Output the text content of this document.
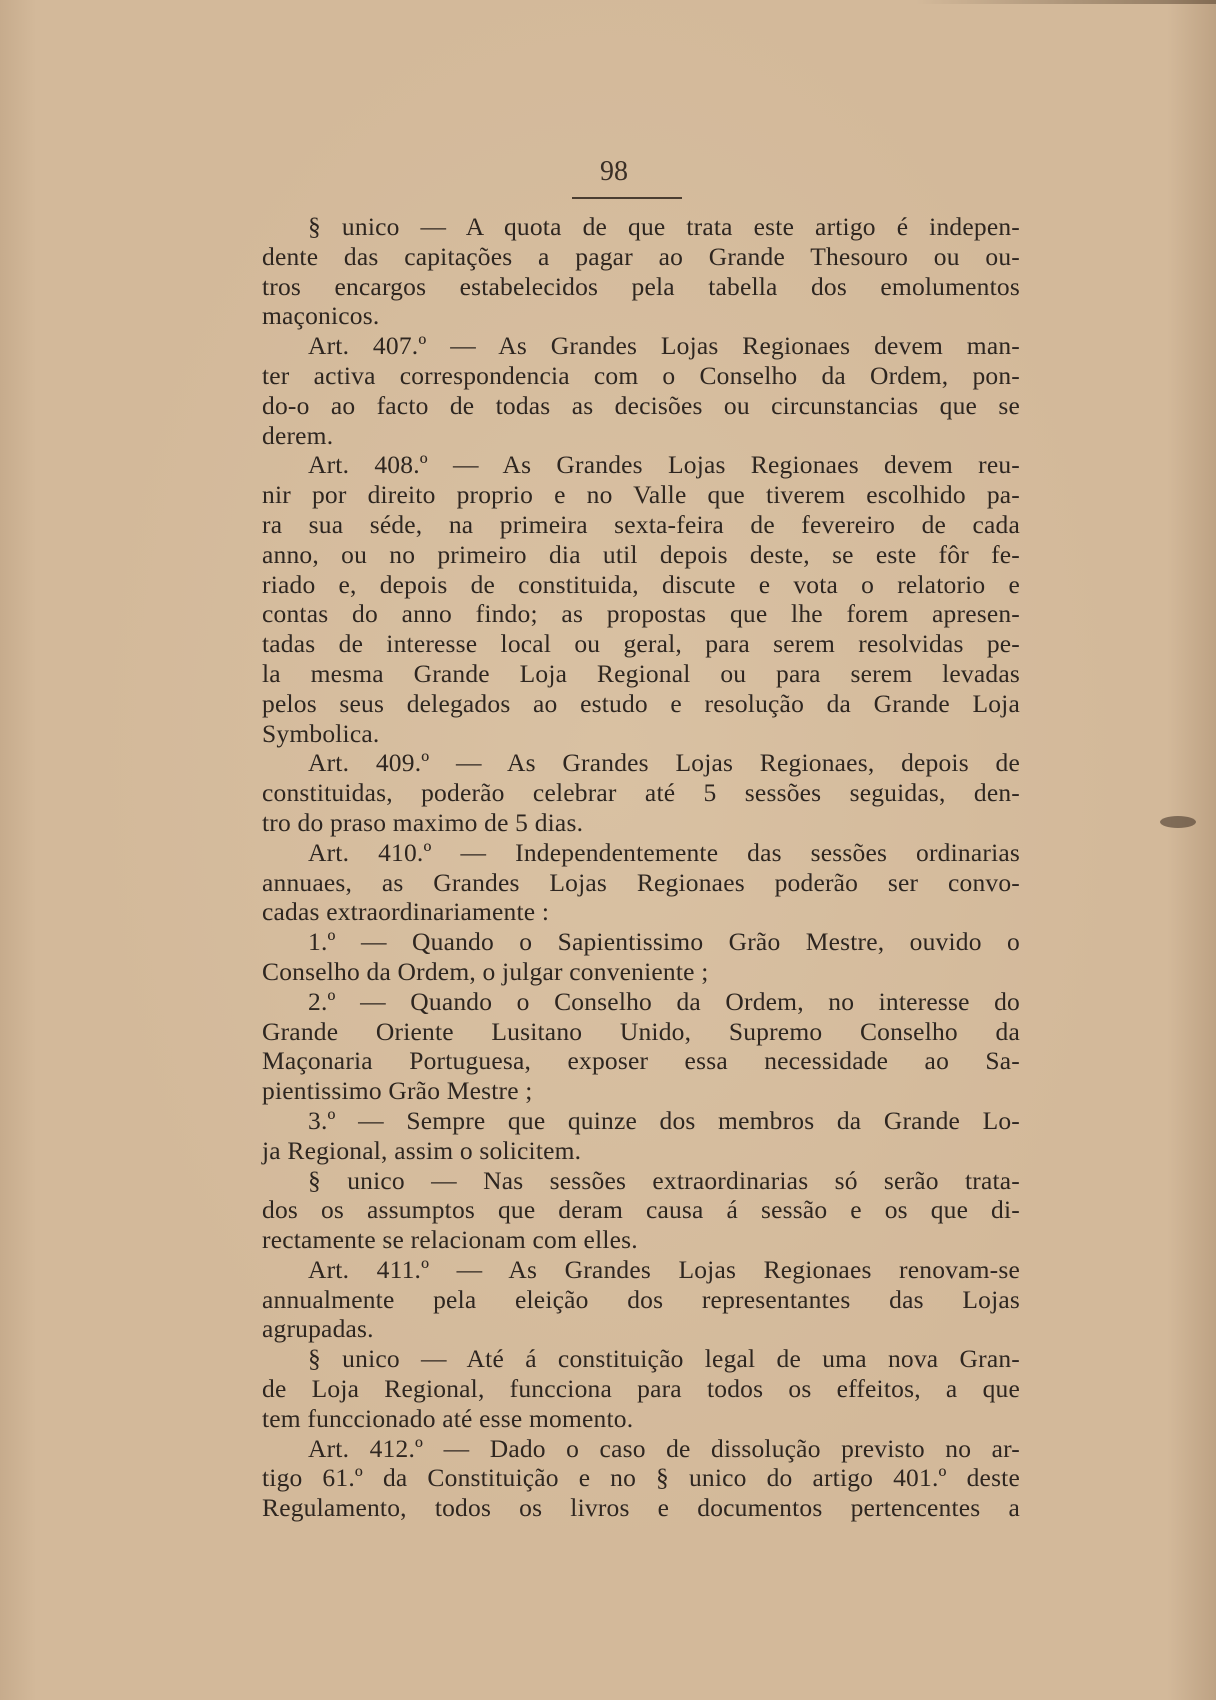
98
§ unico — A quota de que trata este artigo é indepen-
dente das capitações a pagar ao Grande Thesouro ou ou-
tros encargos estabelecidos pela tabella dos emolumentos
maçonicos.
Art. 407.º — As Grandes Lojas Regionaes devem man-
ter activa correspondencia com o Conselho da Ordem, pon-
do-o ao facto de todas as decisões ou circunstancias que se
derem.
Art. 408.º — As Grandes Lojas Regionaes devem reu-
nir por direito proprio e no Valle que tiverem escolhido pa-
ra sua séde, na primeira sexta-feira de fevereiro de cada
anno, ou no primeiro dia util depois deste, se este fôr fe-
riado e, depois de constituida, discute e vota o relatorio e
contas do anno findo; as propostas que lhe forem apresen-
tadas de interesse local ou geral, para serem resolvidas pe-
la mesma Grande Loja Regional ou para serem levadas
pelos seus delegados ao estudo e resolução da Grande Loja
Symbolica.
Art. 409.º — As Grandes Lojas Regionaes, depois de
constituidas, poderão celebrar até 5 sessões seguidas, den-
tro do praso maximo de 5 dias.
Art. 410.º — Independentemente das sessões ordinarias
annuaes, as Grandes Lojas Regionaes poderão ser convo-
cadas extraordinariamente :
1.º — Quando o Sapientissimo Grão Mestre, ouvido o
Conselho da Ordem, o julgar conveniente ;
2.º — Quando o Conselho da Ordem, no interesse do
Grande Oriente Lusitano Unido, Supremo Conselho da
Maçonaria Portuguesa, exposer essa necessidade ao Sa-
pientissimo Grão Mestre ;
3.º — Sempre que quinze dos membros da Grande Lo-
ja Regional, assim o solicitem.
§ unico — Nas sessões extraordinarias só serão trata-
dos os assumptos que deram causa á sessão e os que di-
rectamente se relacionam com elles.
Art. 411.º — As Grandes Lojas Regionaes renovam-se
annualmente pela eleição dos representantes das Lojas
agrupadas.
§ unico — Até á constituição legal de uma nova Gran-
de Loja Regional, funcciona para todos os effeitos, a que
tem funccionado até esse momento.
Art. 412.º — Dado o caso de dissolução previsto no ar-
tigo 61.º da Constituição e no § unico do artigo 401.º deste
Regulamento, todos os livros e documentos pertencentes a
